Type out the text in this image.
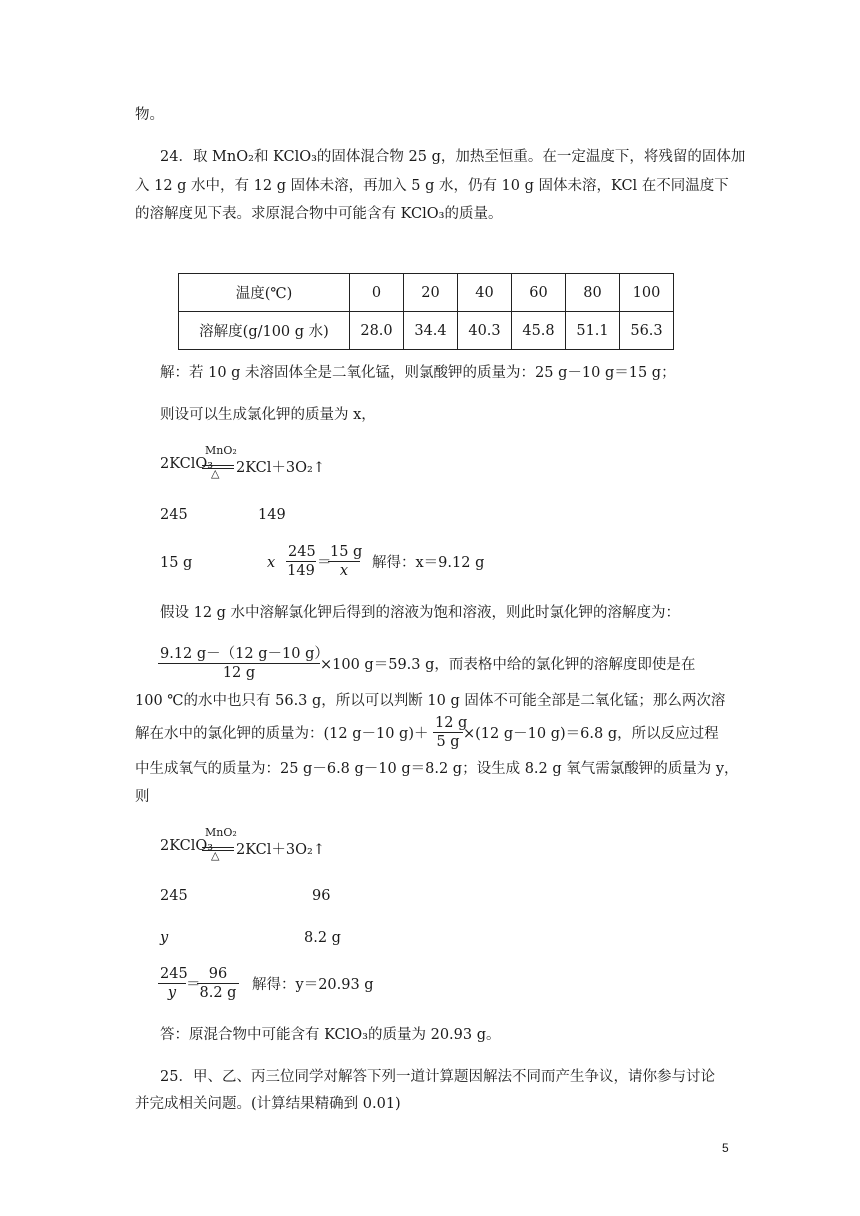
物。
24．取 MnO₂和 KClO₃的固体混合物 25 g，加热至恒重。在一定温度下，将残留的固体加
入 12 g 水中，有 12 g 固体未溶，再加入 5 g 水，仍有 10 g 固体未溶，KCl 在不同温度下
的溶解度见下表。求原混合物中可能含有 KClO₃的质量。
温度(℃)	0	20	40	60	80	100
溶解度(g/100 g 水)	28.0	34.4	40.3	45.8	51.1	56.3
解：若 10 g 未溶固体全是二氧化锰，则氯酸钾的质量为：25 g－10 g＝15 g；
则设可以生成氯化钾的质量为 x，
MnO₂
2KClO₃
△ 2KCl＋3O₂↑
245	149
15 g	x $\frac{245}{149}$ ＝
$\frac{15 g}{x}$ 解得：x＝9.12 g
假设 12 g 水中溶解氯化钾后得到的溶液为饱和溶液，则此时氯化钾的溶解度为：
$\frac{9.12 g-(12 g-10 g)}{12 g} \times 100$ g＝59.3 g，而表格中给的氯化钾的溶解度即使是在
100 ℃的水中也只有 56.3 g，所以可以判断 10 g 固体不可能全部是二氧化锰；那么两次溶
解在水中的氯化钾的质量为：(12 g－10 $g)+ \frac{12 g}{5 g} \times(12$ g－10 g)＝6.8 g，所以反应过程
中生成氧气的质量为：25 g－6.8 g－10 g＝8.2 g；设生成 8.2 g 氧气需氯酸钾的质量为 y，
则
MnO₂
2KClO₃
△ 2KCl＋3O₂↑
245	96
y	8.2 g
$\frac{245}{y}$ ＝
$\frac{96}{8.2 g}$ 解得：y＝20.93 g
答：原混合物中可能含有 KClO₃的质量为 20.93 g。
25．甲、乙、丙三位同学对解答下列一道计算题因解法不同而产生争议，请你参与讨论
并完成相关问题。(计算结果精确到 0.01)
5
